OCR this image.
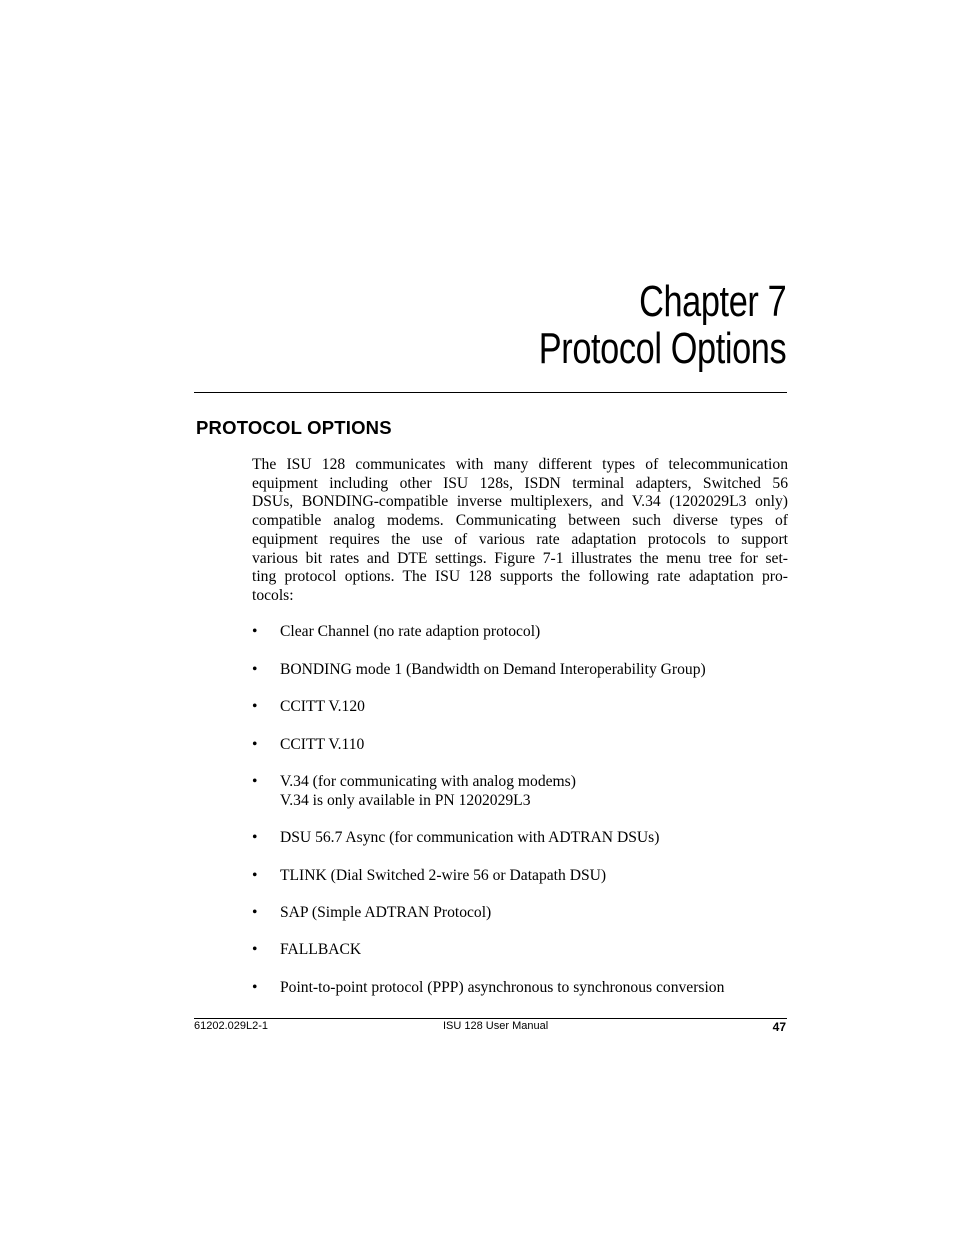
Chapter 7
Protocol Options
PROTOCOL OPTIONS
The ISU 128 communicates with many different types of telecommunication
equipment including other ISU 128s, ISDN terminal adapters, Switched 56
DSUs, BONDING-compatible inverse multiplexers, and V.34 (1202029L3 only)
compatible analog modems. Communicating between such diverse types of
equipment requires the use of various rate adaptation protocols to support
various bit rates and DTE settings. Figure 7-1 illustrates the menu tree for set-
ting protocol options. The ISU 128 supports the following rate adaptation pro-
tocols:
• Clear Channel (no rate adaption protocol)
• BONDING mode 1 (Bandwidth on Demand Interoperability Group)
• CCITT V.120
• CCITT V.110
• V.34 (for communicating with analog modems)
V.34 is only available in PN 1202029L3
• DSU 56.7 Async (for communication with ADTRAN DSUs)
• TLINK (Dial Switched 2-wire 56 or Datapath DSU)
• SAP (Simple ADTRAN Protocol)
• FALLBACK
• Point-to-point protocol (PPP) asynchronous to synchronous conversion
61202.029L2-1	ISU 128 User Manual	47
